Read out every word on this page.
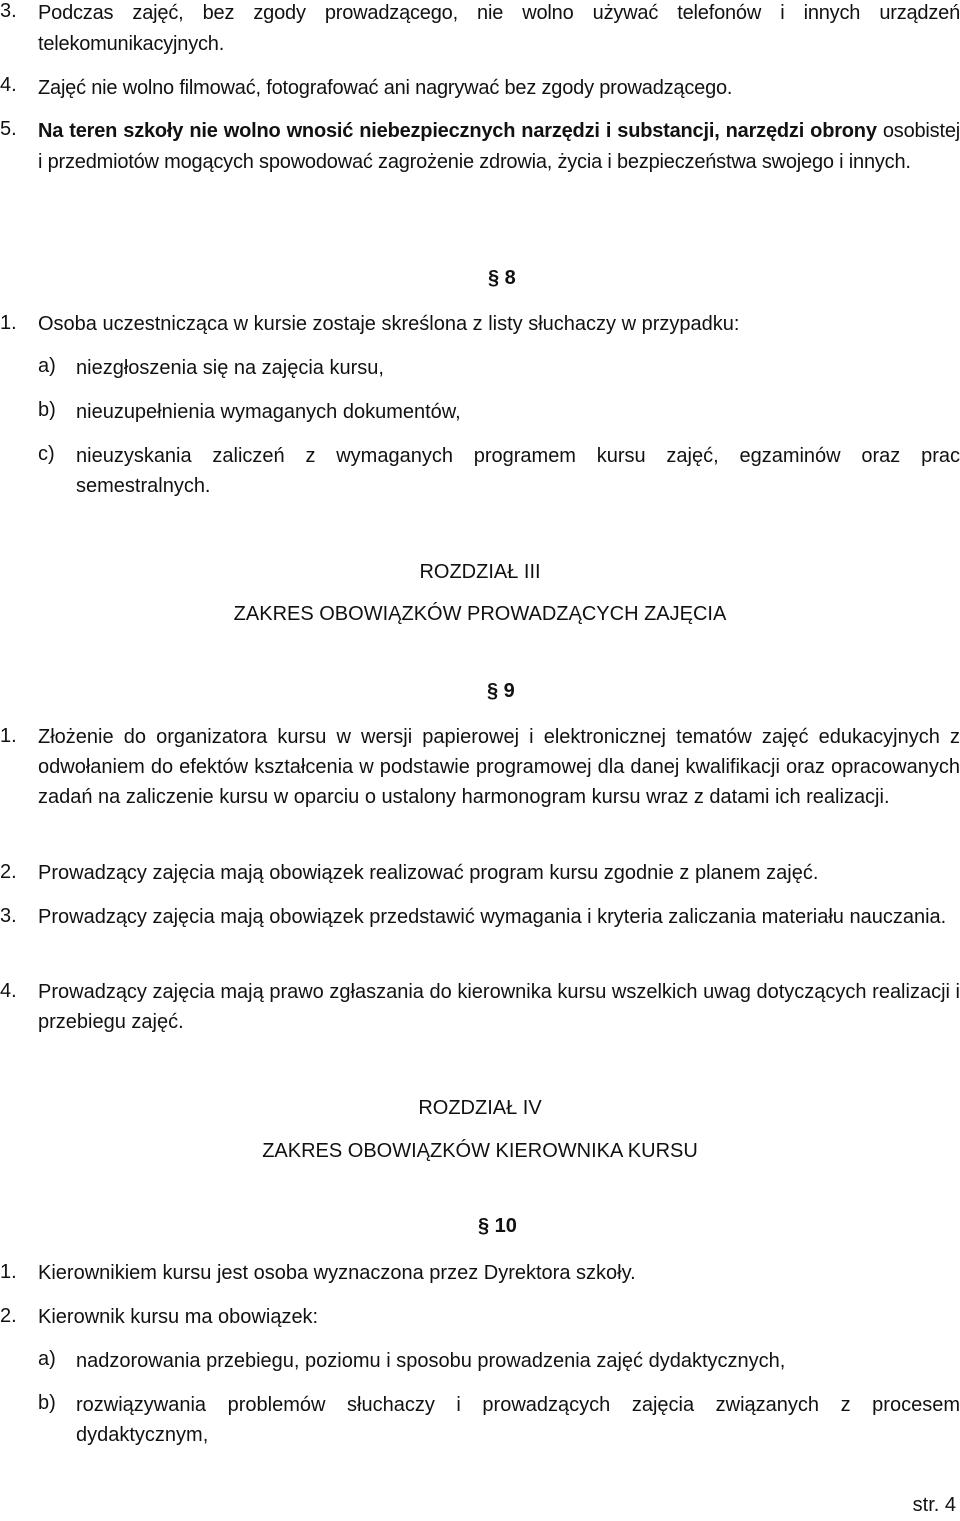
3. Podczas zajęć, bez zgody prowadzącego, nie wolno używać telefonów i innych urządzeń telekomunikacyjnych.
4. Zajęć nie wolno filmować, fotografować ani nagrywać bez zgody prowadzącego.
5. Na teren szkoły nie wolno wnosić niebezpiecznych narzędzi i substancji, narzędzi obrony osobistej i przedmiotów mogących spowodować zagrożenie zdrowia, życia i bezpieczeństwa swojego i innych.
§ 8
1. Osoba uczestnicząca w kursie zostaje skreślona z listy słuchaczy w przypadku:
a) niezgłoszenia się na zajęcia kursu,
b) nieuzupełnienia wymaganych dokumentów,
c) nieuzyskania zaliczeń z wymaganych programem kursu zajęć, egzaminów oraz prac semestralnych.
ROZDZIAŁ III
ZAKRES OBOWIĄZKÓW PROWADZĄCYCH ZAJĘCIA
§ 9
1. Złożenie do organizatora kursu w wersji papierowej i elektronicznej tematów zajęć edukacyjnych z odwołaniem do efektów kształcenia w podstawie programowej dla danej kwalifikacji oraz opracowanych zadań na zaliczenie kursu w oparciu o ustalony harmonogram kursu wraz z datami ich realizacji.
2. Prowadzący zajęcia mają obowiązek realizować program kursu zgodnie z planem zajęć.
3. Prowadzący zajęcia mają obowiązek przedstawić wymagania i kryteria zaliczania materiału nauczania.
4. Prowadzący zajęcia mają prawo zgłaszania do kierownika kursu wszelkich uwag dotyczących realizacji i przebiegu zajęć.
ROZDZIAŁ IV
ZAKRES OBOWIĄZKÓW KIEROWNIKA KURSU
§ 10
1. Kierownikiem kursu jest osoba wyznaczona przez Dyrektora szkoły.
2. Kierownik kursu ma obowiązek:
a) nadzorowania przebiegu, poziomu i sposobu prowadzenia zajęć dydaktycznych,
b) rozwiązywania problemów słuchaczy i prowadzących zajęcia związanych z procesem dydaktycznym,
str. 4
